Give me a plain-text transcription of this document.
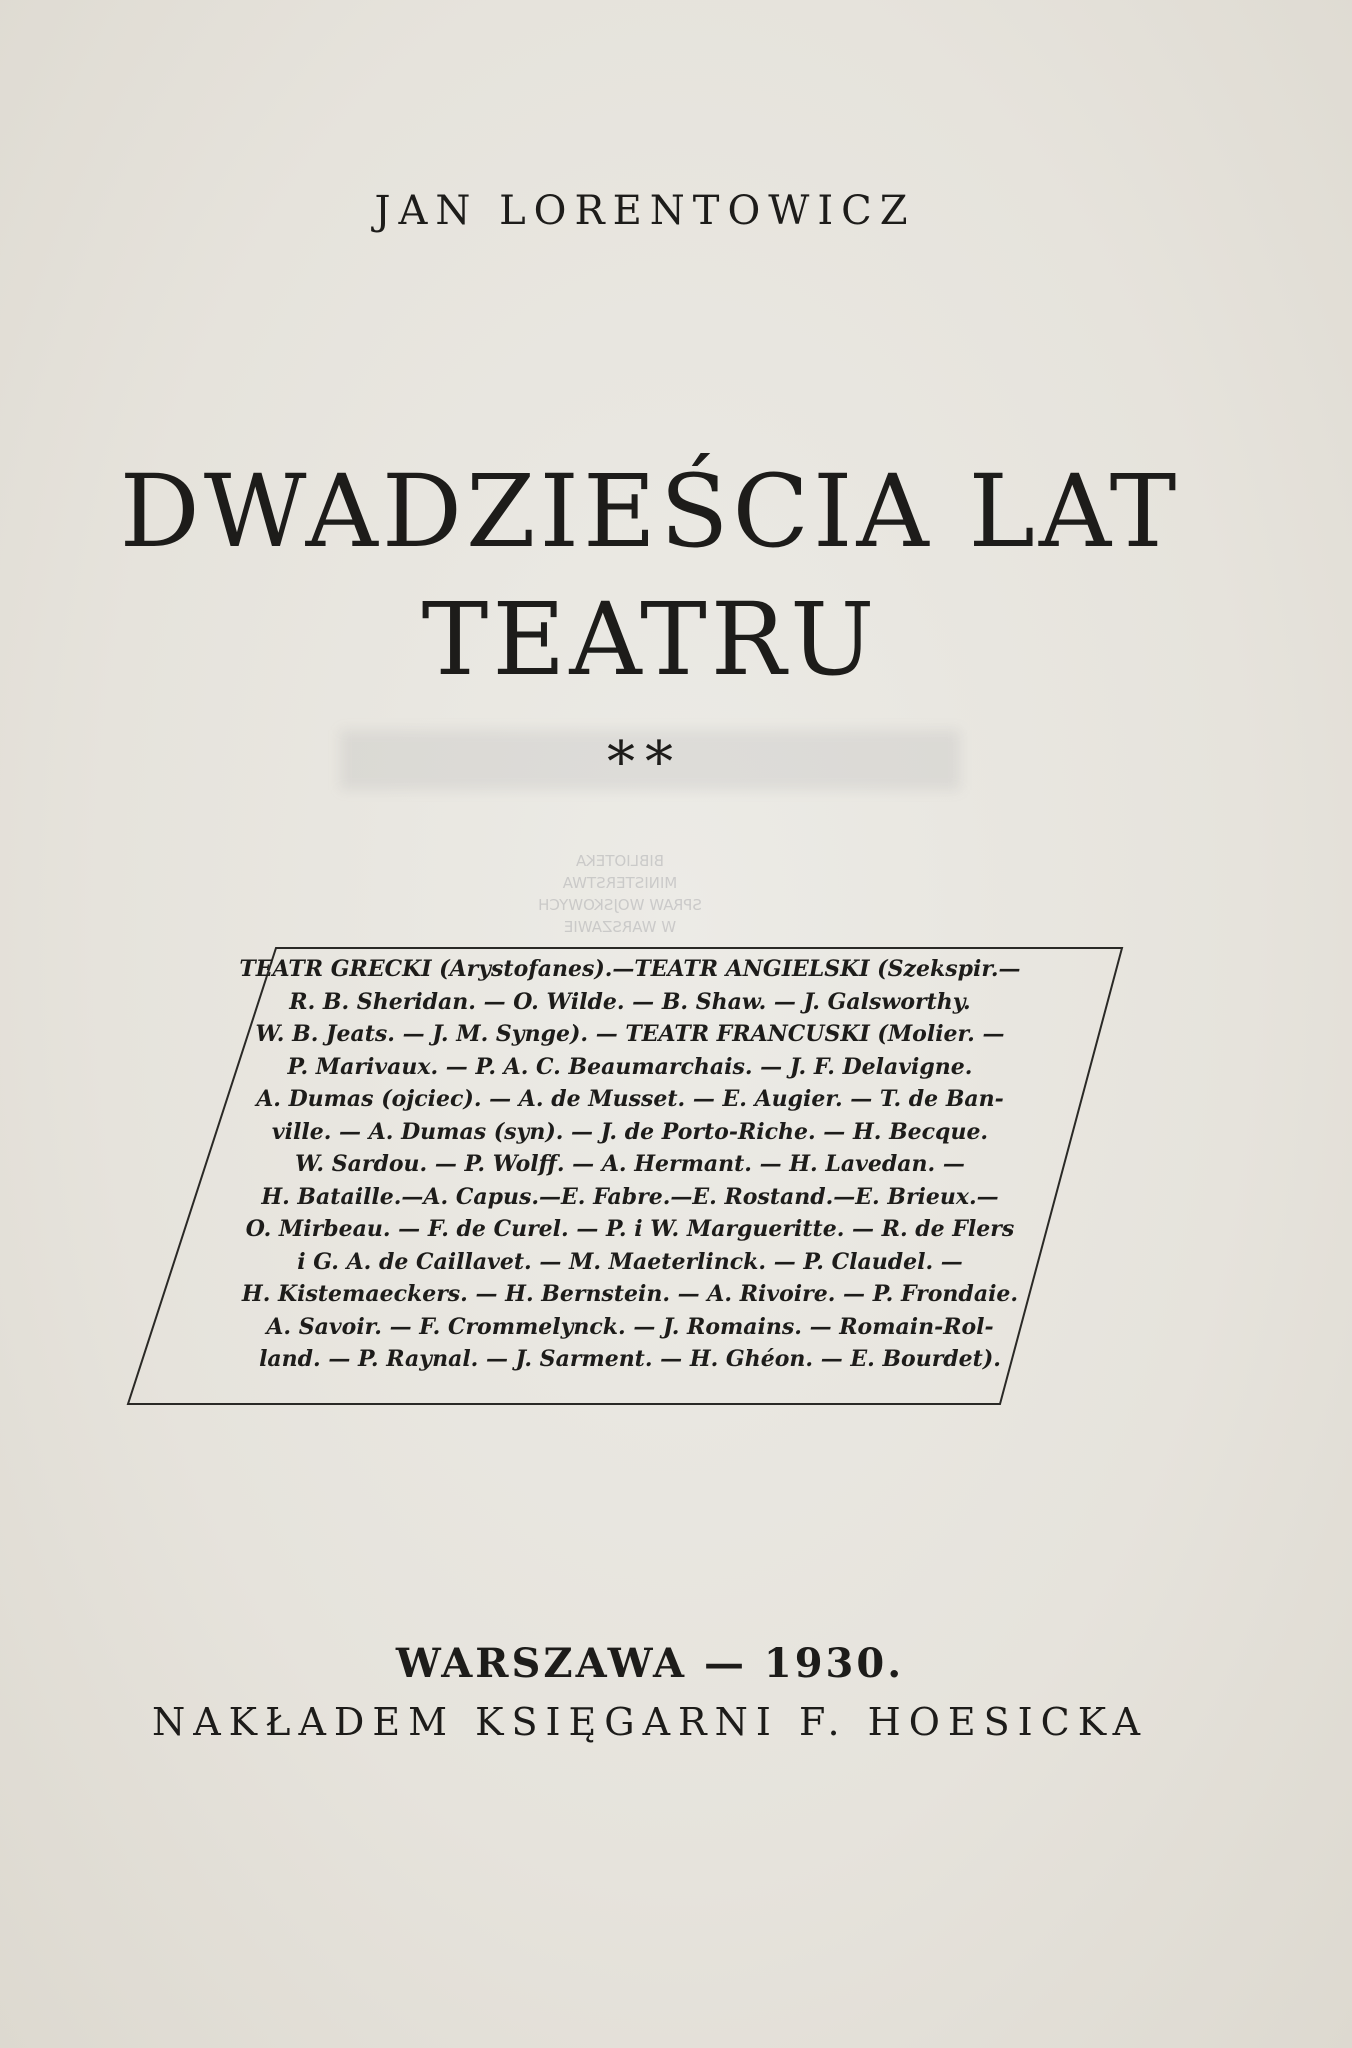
JAN LORENTOWICZ
DWADZIEŚCIA LAT
TEATRU
**
BIBLIOTEKA
MINISTERSTWA
SPRAW WOJSKOWYCH
W WARSZAWIE
TEATR GRECKI (Arystofanes).—TEATR ANGIELSKI (Szekspir.—
R. B. Sheridan. — O. Wilde. — B. Shaw. — J. Galsworthy.
W. B. Jeats. — J. M. Synge). — TEATR FRANCUSKI (Molier. —
P. Marivaux. — P. A. C. Beaumarchais. — J. F. Delavigne.
A. Dumas (ojciec). — A. de Musset. — E. Augier. — T. de Ban-
ville. — A. Dumas (syn). — J. de Porto-Riche. — H. Becque.
W. Sardou. — P. Wolff. — A. Hermant. — H. Lavedan. —
H. Bataille.—A. Capus.—E. Fabre.—E. Rostand.—E. Brieux.—
O. Mirbeau. — F. de Curel. — P. i W. Margueritte. — R. de Flers
i G. A. de Caillavet. — M. Maeterlinck. — P. Claudel. —
H. Kistemaeckers. — H. Bernstein. — A. Rivoire. — P. Frondaie.
A. Savoir. — F. Crommelynck. — J. Romains. — Romain-Rol-
land. — P. Raynal. — J. Sarment. — H. Ghéon. — E. Bourdet).
WARSZAWA — 1930.
NAKŁADEM KSIĘGARNI F. HOESICKA
